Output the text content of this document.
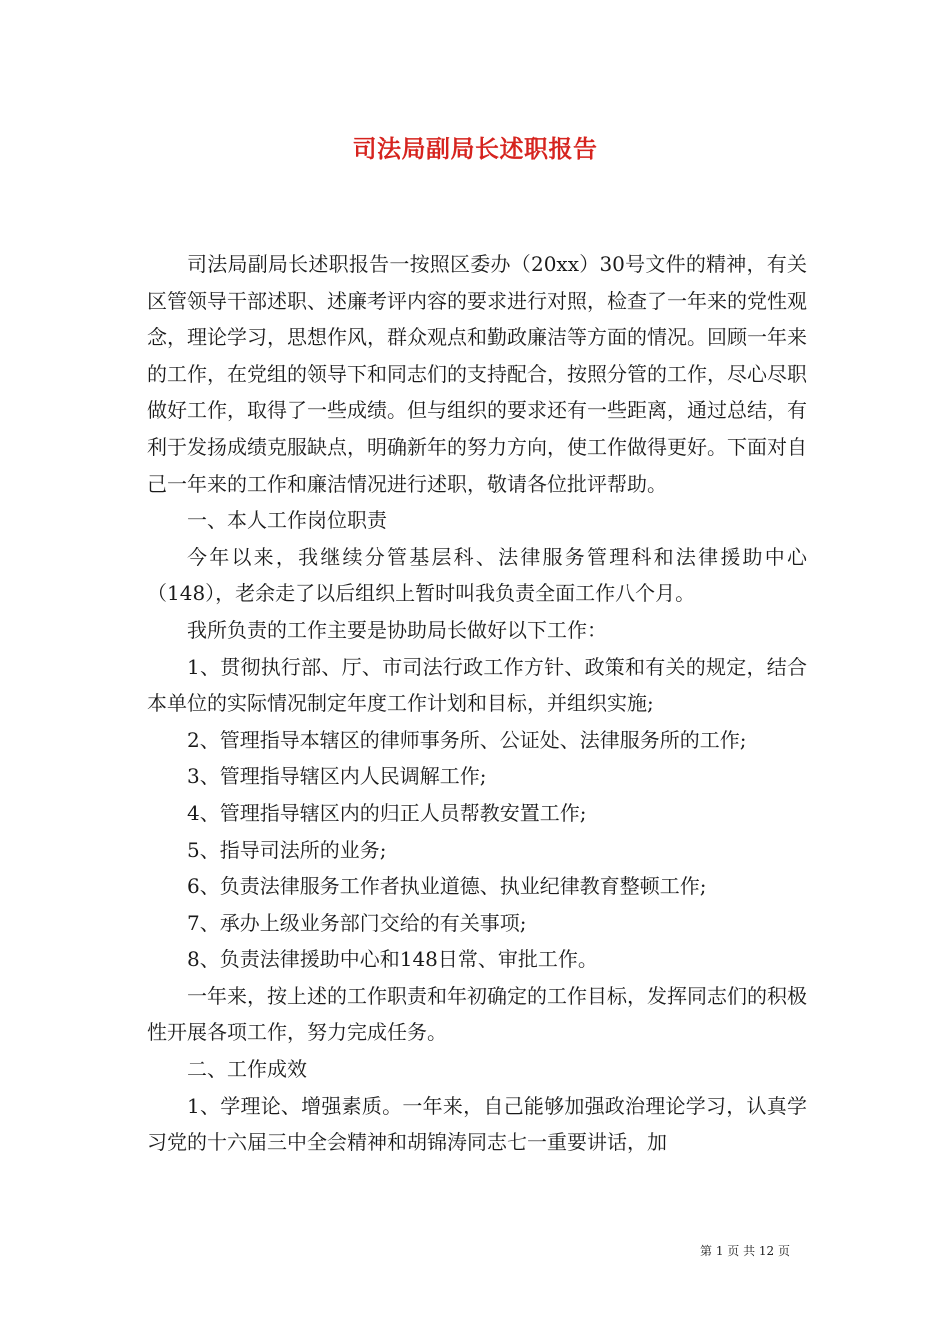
司法局副局长述职报告

司法局副局长述职报告一按照区委办（20xx）30号文件的精神，有关区管领导干部述职、述廉考评内容的要求进行对照，检查了一年来的党性观念，理论学习，思想作风，群众观点和勤政廉洁等方面的情况。回顾一年来的工作，在党组的领导下和同志们的支持配合，按照分管的工作，尽心尽职做好工作，取得了一些成绩。但与组织的要求还有一些距离，通过总结，有利于发扬成绩克服缺点，明确新年的努力方向，使工作做得更好。下面对自己一年来的工作和廉洁情况进行述职，敬请各位批评帮助。

一、本人工作岗位职责

今年以来，我继续分管基层科、法律服务管理科和法律援助中心（148），老余走了以后组织上暂时叫我负责全面工作八个月。

我所负责的工作主要是协助局长做好以下工作：

1、贯彻执行部、厅、市司法行政工作方针、政策和有关的规定，结合本单位的实际情况制定年度工作计划和目标，并组织实施;

2、管理指导本辖区的律师事务所、公证处、法律服务所的工作;

3、管理指导辖区内人民调解工作;

4、管理指导辖区内的归正人员帮教安置工作;

5、指导司法所的业务;

6、负责法律服务工作者执业道德、执业纪律教育整顿工作;

7、承办上级业务部门交给的有关事项;

8、负责法律援助中心和148日常、审批工作。

一年来，按上述的工作职责和年初确定的工作目标，发挥同志们的积极性开展各项工作，努力完成任务。

二、工作成效

1、学理论、增强素质。一年来，自己能够加强政治理论学习，认真学习党的十六届三中全会精神和胡锦涛同志七一重要讲话，加

第 1 页 共 12 页
